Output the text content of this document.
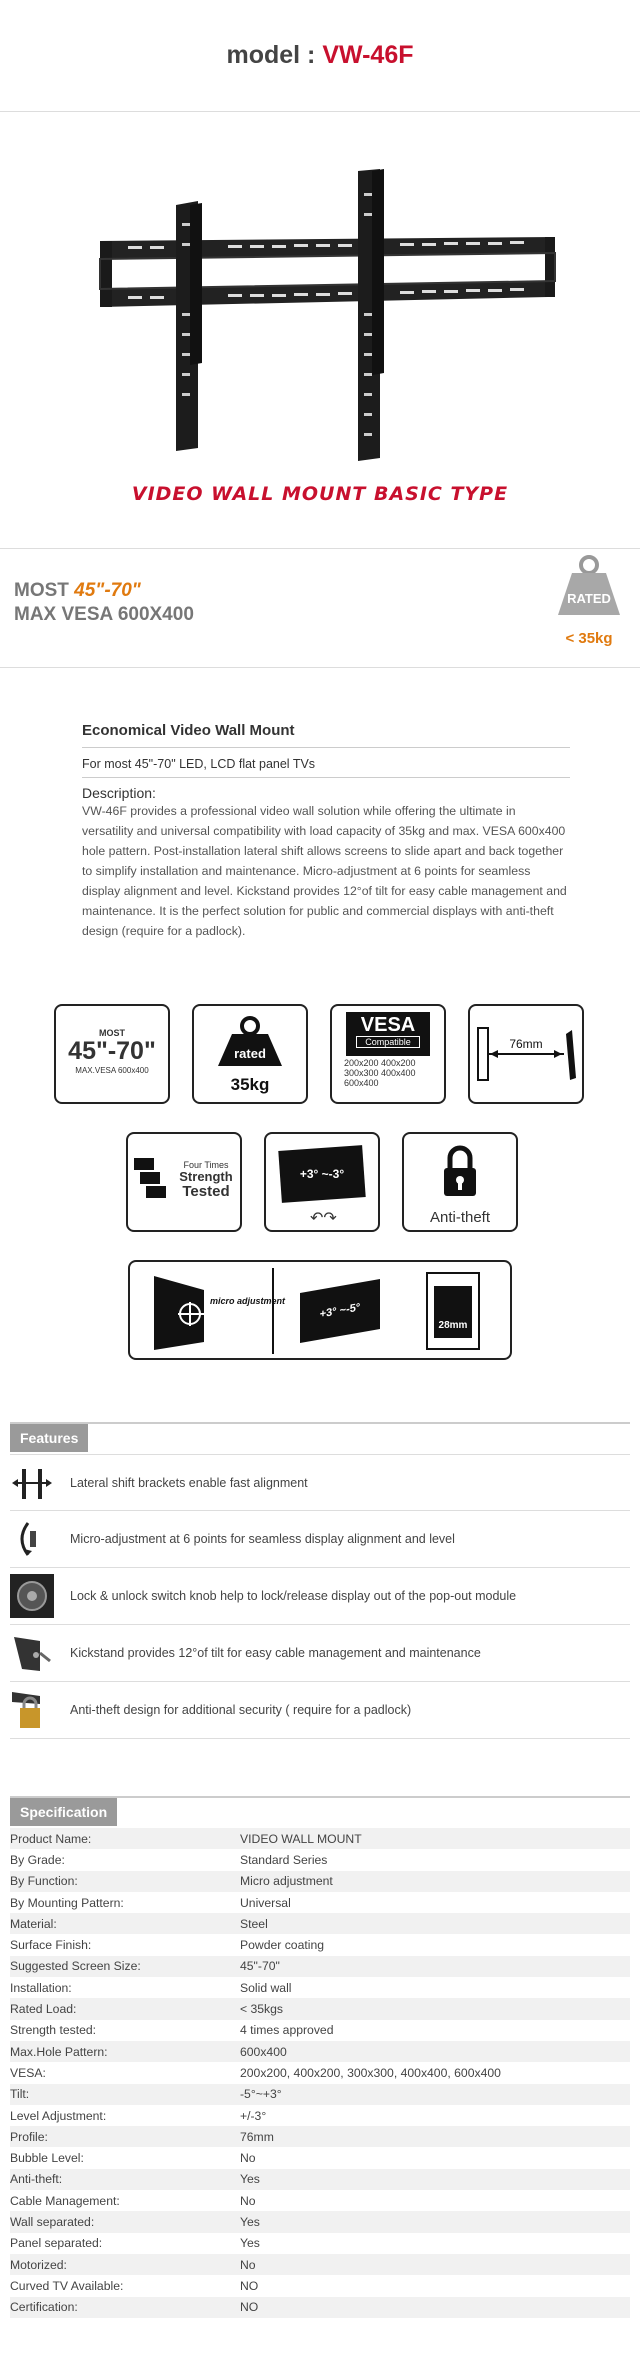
model : VW-46F
VIDEO WALL MOUNT BASIC TYPE
MOST 45"-70"
MAX VESA 600X400
RATED
< 35kg
Economical Video Wall Mount
For most 45"-70" LED, LCD flat panel TVs
Description:
VW-46F provides a professional video wall solution while offering the ultimate in versatility and universal compatibility with load capacity of 35kg and max. VESA 600x400 hole pattern. Post-installation lateral shift allows screens to slide apart and back together to simplify installation and maintenance. Micro-adjustment at 6 points for seamless display alignment and level. Kickstand provides 12°of tilt for easy cable management and maintenance. It is the perfect solution for public and commercial displays with anti-theft design (require for a padlock).
MOST
45"-70"
MAX.VESA 600x400
rated
35kg
VESA
Compatible
200x200 400x200
300x300 400x400
600x400
76mm
Four Times
Strength
Tested
+3° ~-3°
↶↷	Anti-theft
micro adjustment
+3° ~-5°
28mm
Features
Lateral shift brackets enable fast alignment
Micro-adjustment at 6 points for seamless display alignment and level
Lock & unlock switch knob help to lock/release display out of the pop-out module
Kickstand provides 12°of tilt for easy cable management and maintenance
Anti-theft design for additional security ( require for a padlock)
Specification
Product Name:	VIDEO WALL MOUNT
By Grade:	Standard Series
By Function:	Micro adjustment
By Mounting Pattern:	Universal
Material:	Steel
Surface Finish:	Powder coating
Suggested Screen Size:	45"-70"
Installation:	Solid wall
Rated Load:	< 35kgs
Strength tested:	4 times approved
Max.Hole Pattern:	600x400
VESA:	200x200, 400x200, 300x300, 400x400, 600x400
Tilt:	-5°~+3°
Level Adjustment:	+/-3°
Profile:	76mm
Bubble Level:	No
Anti-theft:	Yes
Cable Management:	No
Wall separated:	Yes
Panel separated:	Yes
Motorized:	No
Curved TV Available:	NO
Certification:	NO
